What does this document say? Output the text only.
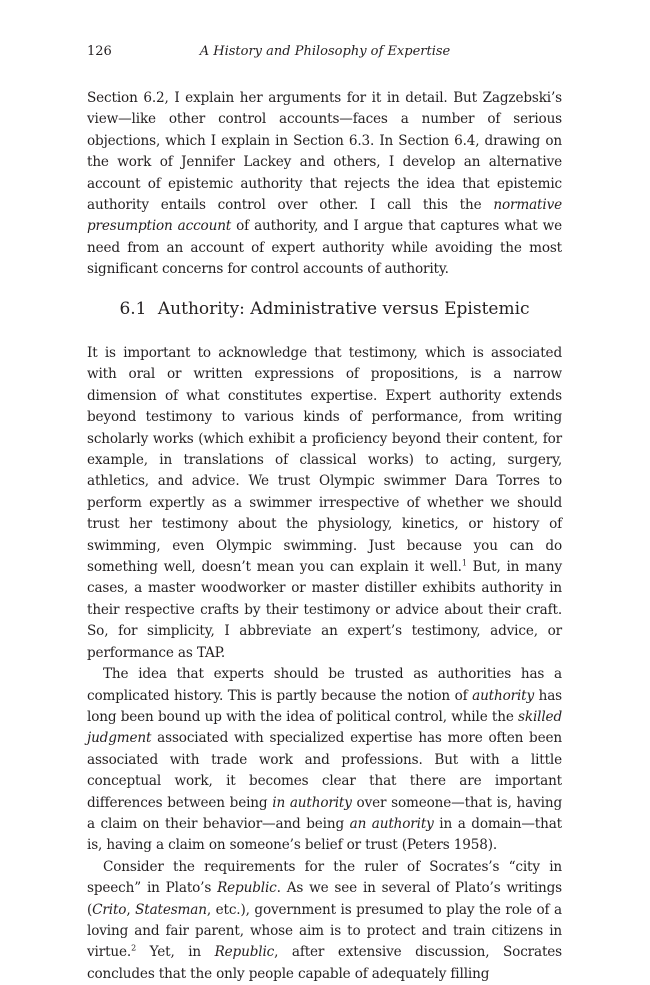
126	A History and Philosophy of Expertise
Section 6.2, I explain her arguments for it in detail. But Zagzebski’s view—like other control accounts—faces a number of serious objections, which I explain in Section 6.3. In Section 6.4, drawing on the work of Jennifer Lackey and others, I develop an alternative account of epistemic authority that rejects the idea that epistemic authority entails control over other. I call this the normative presumption account of authority, and I argue that captures what we need from an account of expert authority while avoiding the most significant concerns for control accounts of authority.
6.1 Authority: Administrative versus Epistemic

It is important to acknowledge that testimony, which is associated with oral or written expressions of propositions, is a narrow dimension of what constitutes expertise. Expert authority extends beyond testimony to various kinds of performance, from writing scholarly works (which exhibit a proficiency beyond their content, for example, in translations of classical works) to acting, surgery, athletics, and advice. We trust Olympic swimmer Dara Torres to perform expertly as a swimmer irrespective of whether we should trust her testimony about the physiology, kinetics, or history of swimming, even Olympic swimming. Just because you can do something well, doesn’t mean you can explain it well.$^1$ But, in many cases, a master woodworker or master distiller exhibits authority in their respective crafts by their testimony or advice about their craft. So, for simplicity, I abbreviate an expert’s testimony, advice, or performance as TAP.

The idea that experts should be trusted as authorities has a complicated history. This is partly because the notion of authority has long been bound up with the idea of political control, while the skilled judgment associated with specialized expertise has more often been associated with trade work and professions. But with a little conceptual work, it becomes clear that there are important differences between being in authority over someone—that is, having a claim on their behavior—and being an authority in a domain—that is, having a claim on someone’s belief or trust (Peters 1958).

Consider the requirements for the ruler of Socrates’s “city in speech” in Plato’s Republic. As we see in several of Plato’s writings (Crito, Statesman, etc.), government is presumed to play the role of a loving and fair parent, whose aim is to protect and train citizens in virtue.$^2$ Yet, in Republic, after extensive discussion, Socrates concludes that the only people capable of adequately filling
